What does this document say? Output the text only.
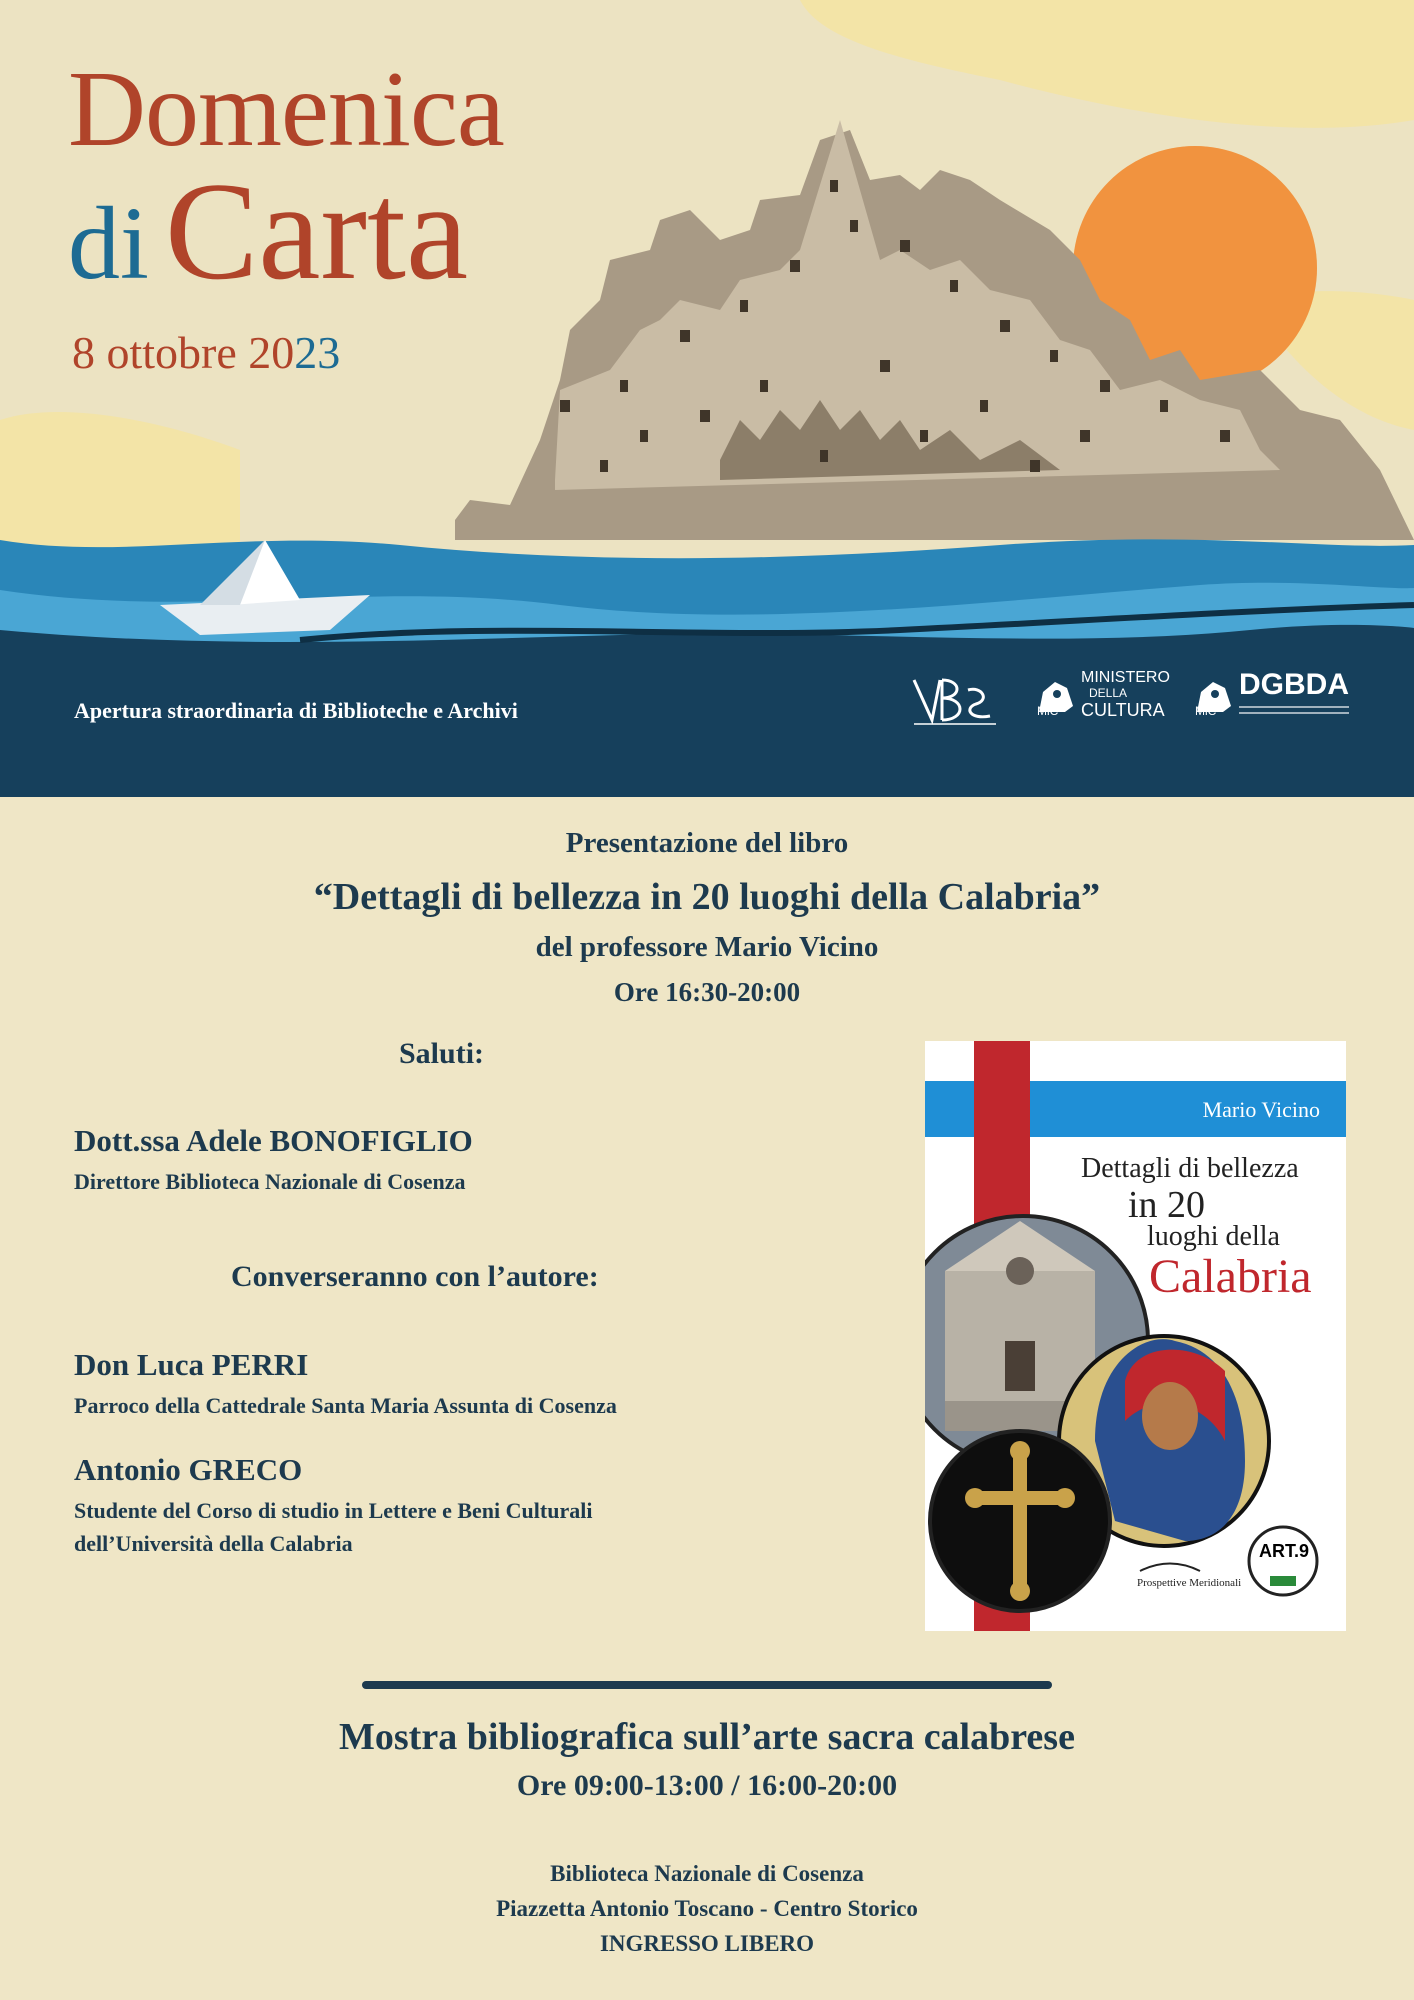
Domenica
di Carta
8 ottobre 2023
Apertura straordinaria di Biblioteche e Archivi	MiC
MINISTERO
DELLA
CULTURA	MiC
DGBDA
Presentazione del libro
“Dettagli di bellezza in 20 luoghi della Calabria”
del professore Mario Vicino
Ore 16:30-20:00
Saluti:
Dott.ssa Adele BONOFIGLIO
Direttore Biblioteca Nazionale di Cosenza
Converseranno con l’autore:
Don Luca PERRI
Parroco della Cattedrale Santa Maria Assunta di Cosenza
Antonio GRECO
Studente del Corso di studio in Lettere e Beni Culturali
dell’Università della Calabria
Mario Vicino
Dettagli di bellezza
in 20
luoghi della
Calabria
Prospettive Meridionali
ART.9
Mostra bibliografica sull’arte sacra calabrese
Ore 09:00-13:00 / 16:00-20:00
Biblioteca Nazionale di Cosenza
Piazzetta Antonio Toscano - Centro Storico
INGRESSO LIBERO
